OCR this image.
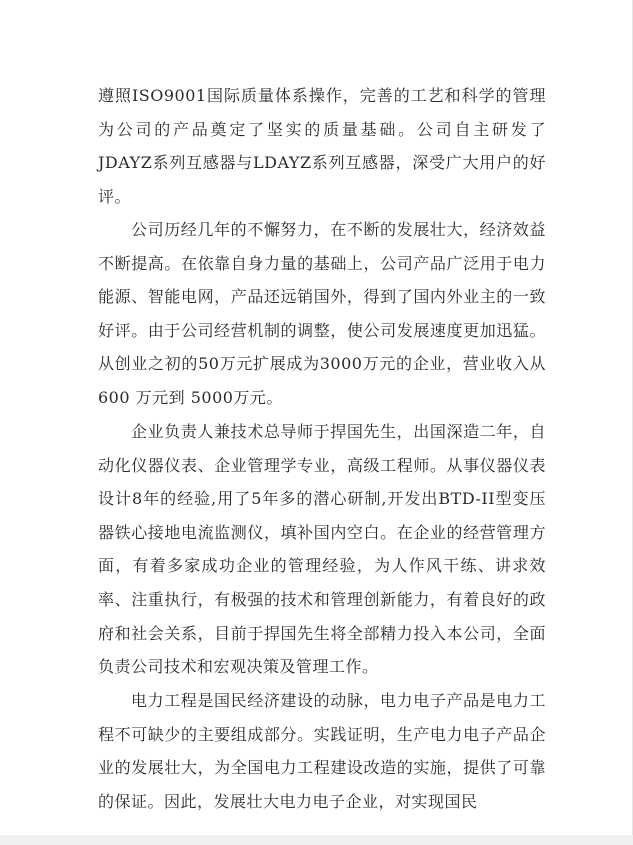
遵照ISO9001国际质量体系操作，完善的工艺和科学的管理为公司的产品奠定了坚实的质量基础。公司自主研发了JDAYZ系列互感器与LDAYZ系列互感器，深受广大用户的好评。

公司历经几年的不懈努力，在不断的发展壮大，经济效益不断提高。在依靠自身力量的基础上，公司产品广泛用于电力能源、智能电网，产品还远销国外，得到了国内外业主的一致好评。由于公司经营机制的调整，使公司发展速度更加迅猛。从创业之初的50万元扩展成为3000万元的企业，营业收入从 600 万元到 5000万元。

企业负责人兼技术总导师于捍国先生，出国深造二年，自动化仪器仪表、企业管理学专业，高级工程师。从事仪器仪表设计8年的经验,用了5年多的潜心研制,开发出BTD-II型变压器铁心接地电流监测仪，填补国内空白。在企业的经营管理方面，有着多家成功企业的管理经验，为人作风干练、讲求效率、注重执行，有极强的技术和管理创新能力，有着良好的政府和社会关系，目前于捍国先生将全部精力投入本公司，全面负责公司技术和宏观决策及管理工作。

电力工程是国民经济建设的动脉，电力电子产品是电力工程不可缺少的主要组成部分。实践证明，生产电力电子产品企业的发展壮大，为全国电力工程建设改造的实施，提供了可靠的保证。因此，发展壮大电力电子企业，对实现国民
